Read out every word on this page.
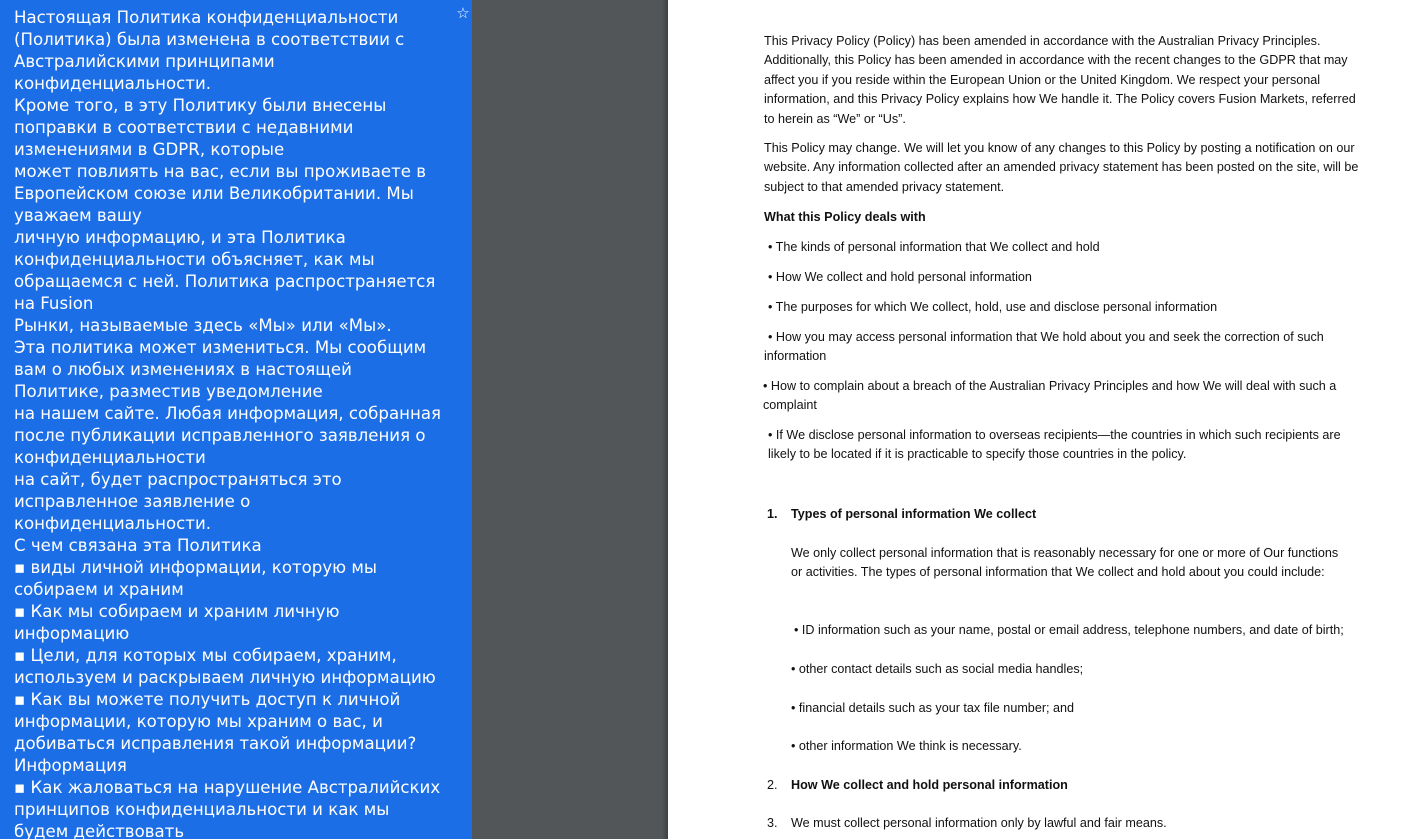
Настоящая Политика конфиденциальности
(Политика) была изменена в соответствии с
Австралийскими принципами
конфиденциальности.
Кроме того, в эту Политику были внесены
поправки в соответствии с недавними
изменениями в GDPR, которые
может повлиять на вас, если вы проживаете в
Европейском союзе или Великобритании. Мы
уважаем вашу
личную информацию, и эта Политика
конфиденциальности объясняет, как мы
обращаемся с ней. Политика распространяется
на Fusion
Рынки, называемые здесь «Мы» или «Мы».
Эта политика может измениться. Мы сообщим
вам о любых изменениях в настоящей
Политике, разместив уведомление
на нашем сайте. Любая информация, собранная
после публикации исправленного заявления о
конфиденциальности
на сайт, будет распространяться это
исправленное заявление о
конфиденциальности.
С чем связана эта Политика
▪ виды личной информации, которую мы
собираем и храним
▪ Как мы собираем и храним личную
информацию
▪ Цели, для которых мы собираем, храним,
используем и раскрываем личную информацию
▪ Как вы можете получить доступ к личной
информации, которую мы храним о вас, и
добиваться исправления такой информации?
Информация
▪ Как жаловаться на нарушение Австралийских
принципов конфиденциальности и как мы
будем действовать

☆

This Privacy Policy (Policy) has been amended in accordance with the Australian Privacy Principles. Additionally, this Policy has been amended in accordance with the recent changes to the GDPR that may affect you if you reside within the European Union or the United Kingdom. We respect your personal information, and this Privacy Policy explains how We handle it. The Policy covers Fusion Markets, referred to herein as “We” or “Us”.

This Policy may change. We will let you know of any changes to this Policy by posting a notification on our website. Any information collected after an amended privacy statement has been posted on the site, will be subject to that amended privacy statement.

What this Policy deals with

• The kinds of personal information that We collect and hold

• How We collect and hold personal information

• The purposes for which We collect, hold, use and disclose personal information

• How you may access personal information that We hold about you and seek the correction of such information

• How to complain about a breach of the Australian Privacy Principles and how We will deal with such a complaint

• If We disclose personal information to overseas recipients—the countries in which such recipients are likely to be located if it is practicable to specify those countries in the policy.

1. Types of personal information We collect

We only collect personal information that is reasonably necessary for one or more of Our functions or activities. The types of personal information that We collect and hold about you could include:

• ID information such as your name, postal or email address, telephone numbers, and date of birth;

• other contact details such as social media handles;

• financial details such as your tax file number; and

• other information We think is necessary.

2. How We collect and hold personal information

3. We must collect personal information only by lawful and fair means.
